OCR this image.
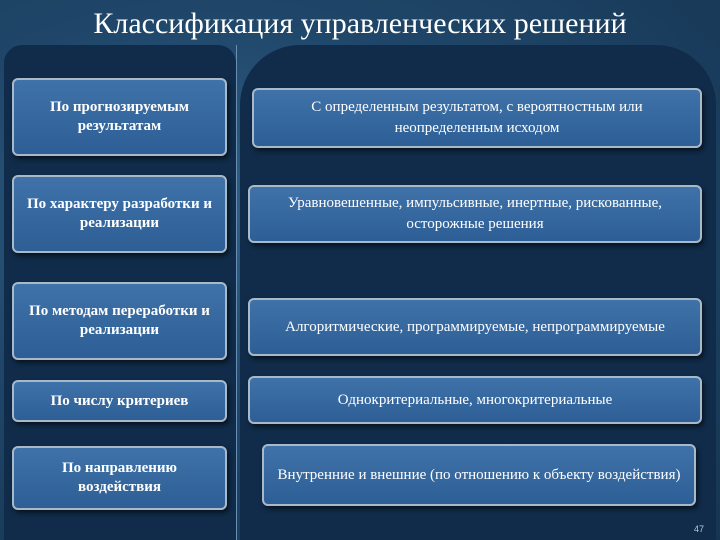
Классификация управленческих решений
По прогнозируемым результатам
С определенным результатом, с вероятностным или неопределенным исходом
По характеру разработки и реализации
Уравновешенные, импульсивные, инертные, рискованные, осторожные решения
По методам переработки и реализации	Алгоритмические, программируемые, непрограммируемые
По числу критериев	Однокритериальные, многокритериальные
По направлению воздействия
Внутренние и внешние (по отношению к объекту воздействия)
47
